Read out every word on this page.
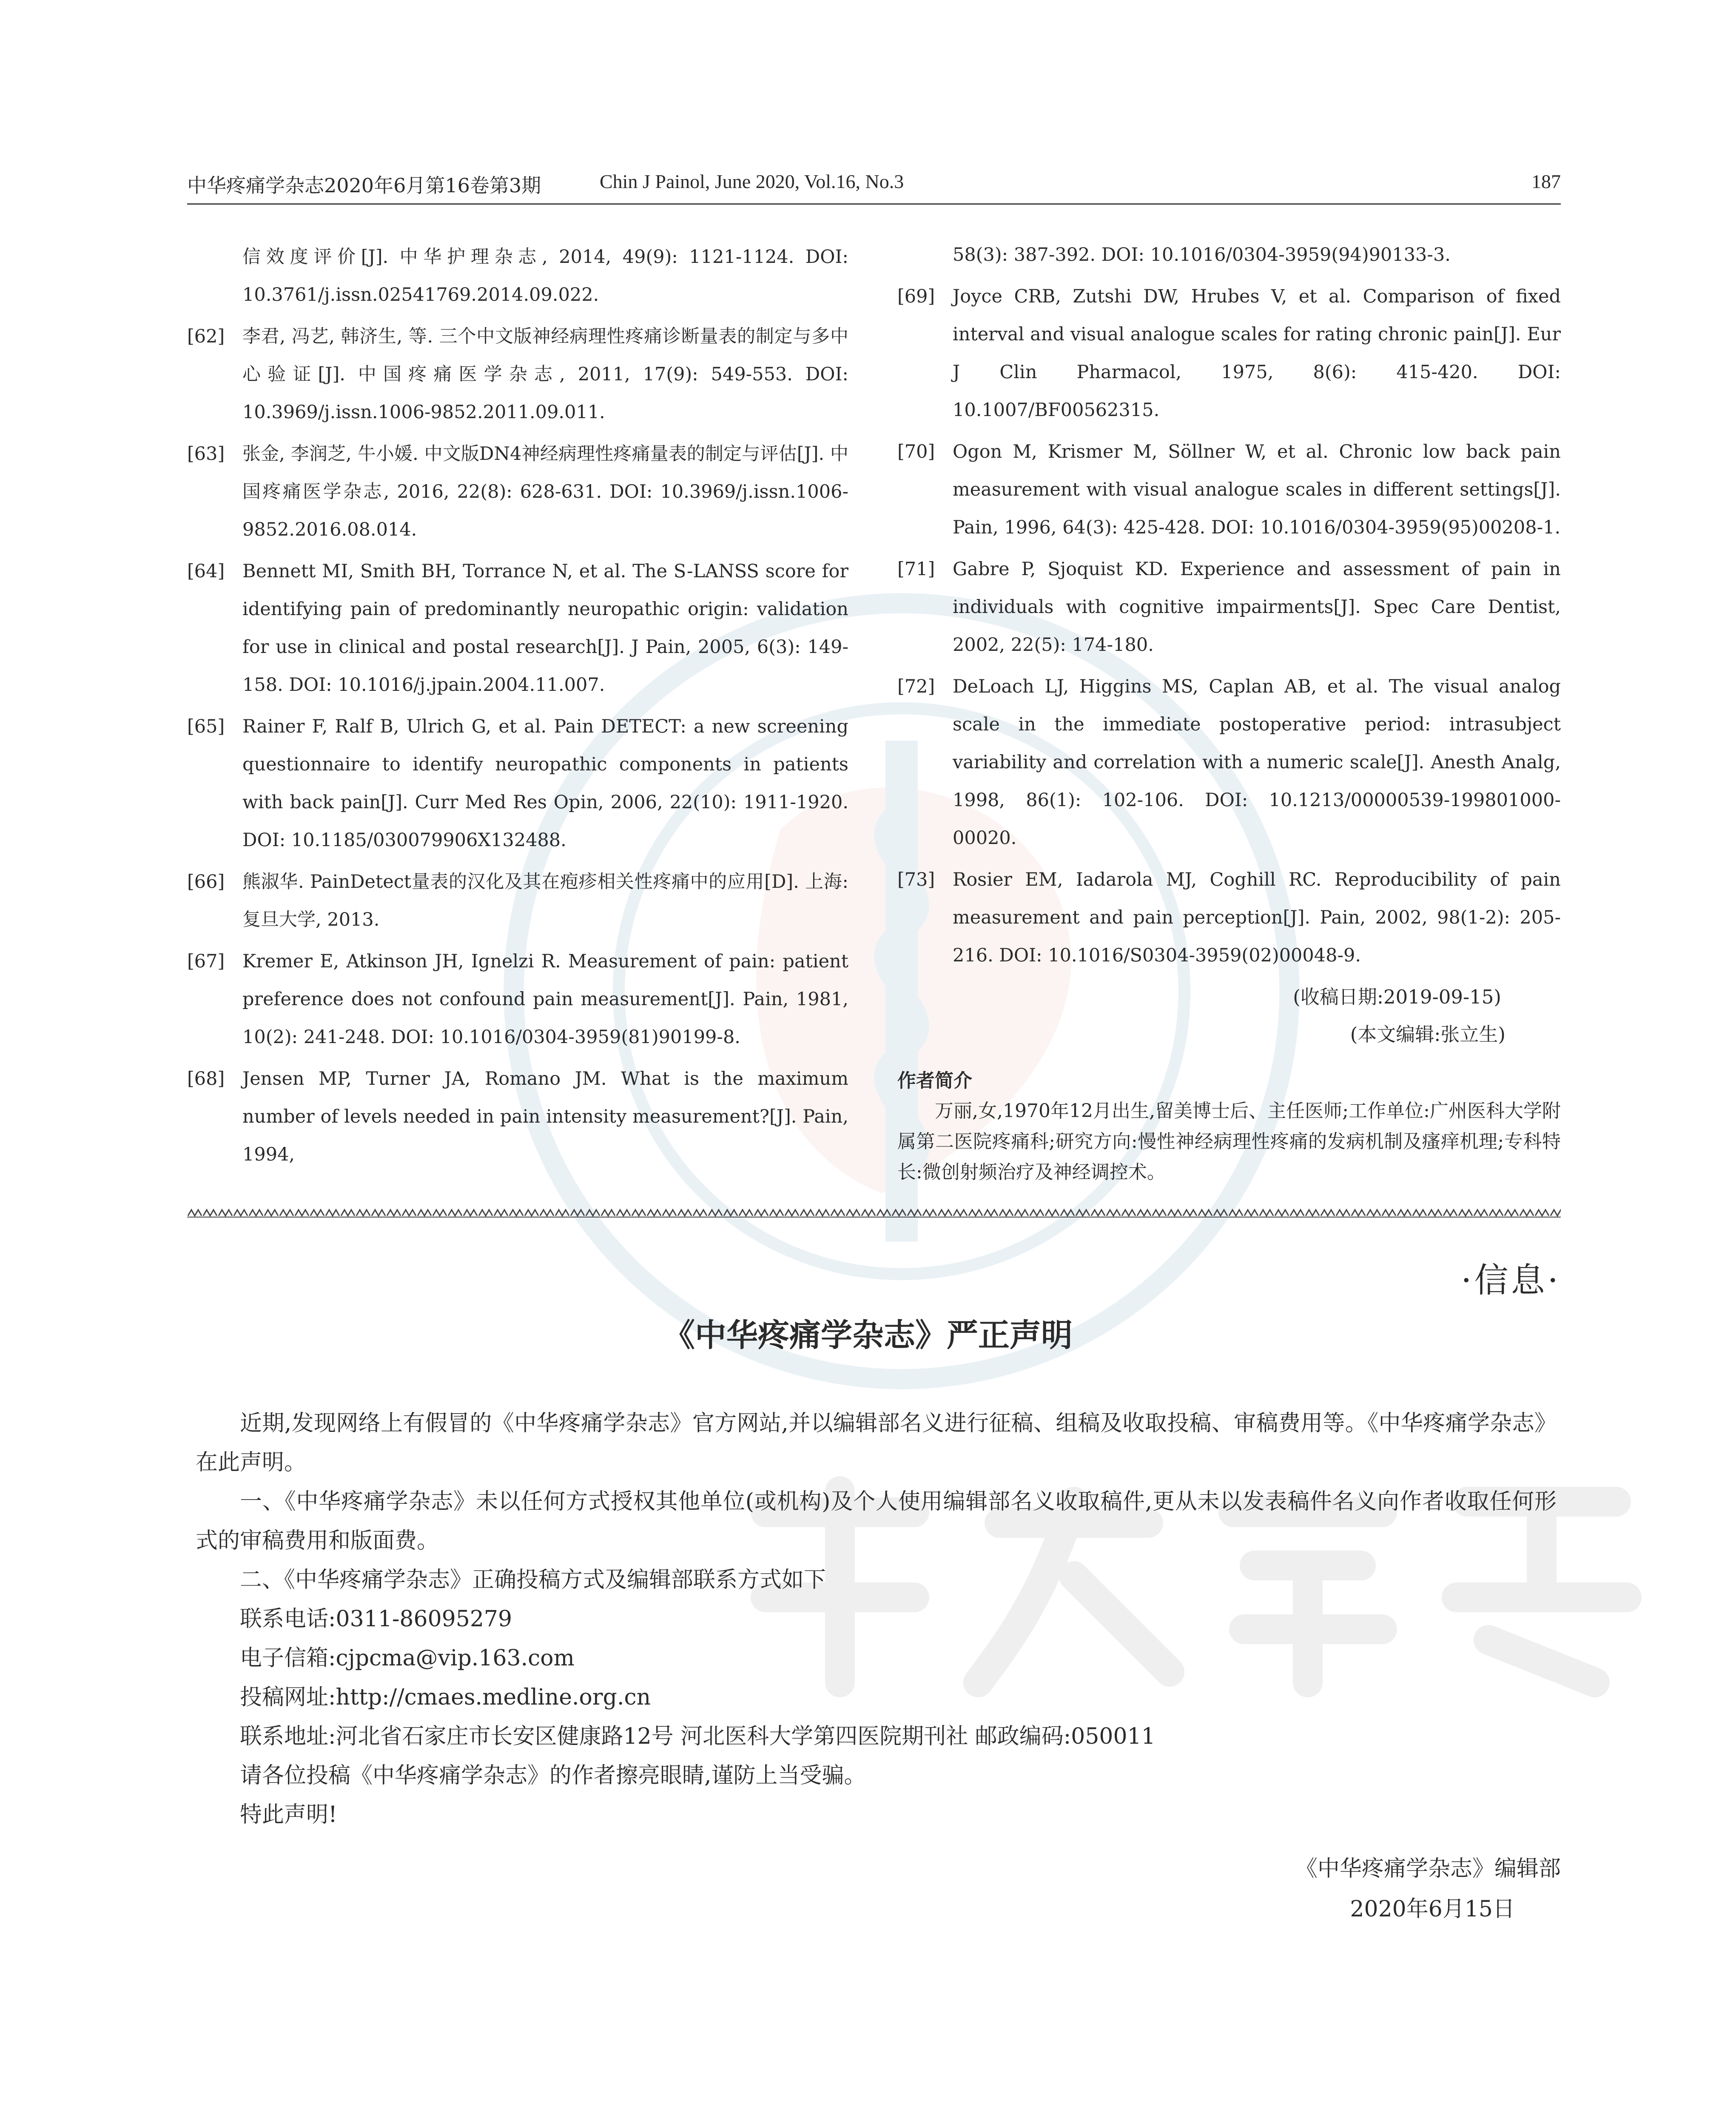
中华疼痛学杂志2020年6月第16卷第3期	Chin J Painol, June 2020, Vol.16, No.3	187
信效度评价[J]. 中华护理杂志, 2014, 49(9): 1121-1124. DOI: 10.3761/j.issn.02541769.2014.09.022.
[62] 李君, 冯艺, 韩济生, 等. 三个中文版神经病理性疼痛诊断量表的制定与多中心验证[J]. 中国疼痛医学杂志, 2011, 17(9): 549-553. DOI: 10.3969/j.issn.1006-9852.2011.09.011.
[63] 张金, 李润芝, 牛小媛. 中文版DN4神经病理性疼痛量表的制定与评估[J]. 中国疼痛医学杂志, 2016, 22(8): 628-631. DOI: 10.3969/j.issn.1006-9852.2016.08.014.
[64] Bennett MI, Smith BH, Torrance N, et al. The S-LANSS score for identifying pain of predominantly neuropathic origin: validation for use in clinical and postal research[J]. J Pain, 2005, 6(3): 149-158. DOI: 10.1016/j.jpain.2004.11.007.
[65] Rainer F, Ralf B, Ulrich G, et al. Pain DETECT: a new screening questionnaire to identify neuropathic components in patients with back pain[J]. Curr Med Res Opin, 2006, 22(10): 1911-1920. DOI: 10.1185/030079906X132488.
[66] 熊淑华. PainDetect量表的汉化及其在疱疹相关性疼痛中的应用[D]. 上海: 复旦大学, 2013.
[67] Kremer E, Atkinson JH, Ignelzi R. Measurement of pain: patient preference does not confound pain measurement[J]. Pain, 1981, 10(2): 241-248. DOI: 10.1016/0304-3959(81)90199-8.
[68] Jensen MP, Turner JA, Romano JM. What is the maximum number of levels needed in pain intensity measurement?[J]. Pain, 1994,
58(3): 387-392. DOI: 10.1016/0304-3959(94)90133-3.
[69] Joyce CRB, Zutshi DW, Hrubes V, et al. Comparison of fixed interval and visual analogue scales for rating chronic pain[J]. Eur J Clin Pharmacol, 1975, 8(6): 415-420. DOI: 10.1007/BF00562315.
[70] Ogon M, Krismer M, Söllner W, et al. Chronic low back pain measurement with visual analogue scales in different settings[J]. Pain, 1996, 64(3): 425-428. DOI: 10.1016/0304-3959(95)00208-1.
[71] Gabre P, Sjoquist KD. Experience and assessment of pain in individuals with cognitive impairments[J]. Spec Care Dentist, 2002, 22(5): 174-180.
[72] DeLoach LJ, Higgins MS, Caplan AB, et al. The visual analog scale in the immediate postoperative period: intrasubject variability and correlation with a numeric scale[J]. Anesth Analg, 1998, 86(1): 102-106. DOI: 10.1213/00000539-199801000-00020.
[73] Rosier EM, Iadarola MJ, Coghill RC. Reproducibility of pain measurement and pain perception[J]. Pain, 2002, 98(1-2): 205-216. DOI: 10.1016/S0304-3959(02)00048-9.
(收稿日期:2019-09-15)
(本文编辑:张立生)
作者简介
万丽,女,1970年12月出生,留美博士后、主任医师;工作单位:广州医科大学附属第二医院疼痛科;研究方向:慢性神经病理性疼痛的发病机制及瘙痒机理;专科特长:微创射频治疗及神经调控术。
·信息·
《中华疼痛学杂志》严正声明

近期,发现网络上有假冒的《中华疼痛学杂志》官方网站,并以编辑部名义进行征稿、组稿及收取投稿、审稿费用等。《中华疼痛学杂志》在此声明。

一、《中华疼痛学杂志》未以任何方式授权其他单位(或机构)及个人使用编辑部名义收取稿件,更从未以发表稿件名义向作者收取任何形式的审稿费用和版面费。

二、《中华疼痛学杂志》正确投稿方式及编辑部联系方式如下

联系电话:0311-86095279
电子信箱:cjpcma@vip.163.com
投稿网址:http://cmaes.medline.org.cn
联系地址:河北省石家庄市长安区健康路12号 河北医科大学第四医院期刊社 邮政编码:050011
请各位投稿《中华疼痛学杂志》的作者擦亮眼睛,谨防上当受骗。
特此声明!
《中华疼痛学杂志》编辑部
2020年6月15日
